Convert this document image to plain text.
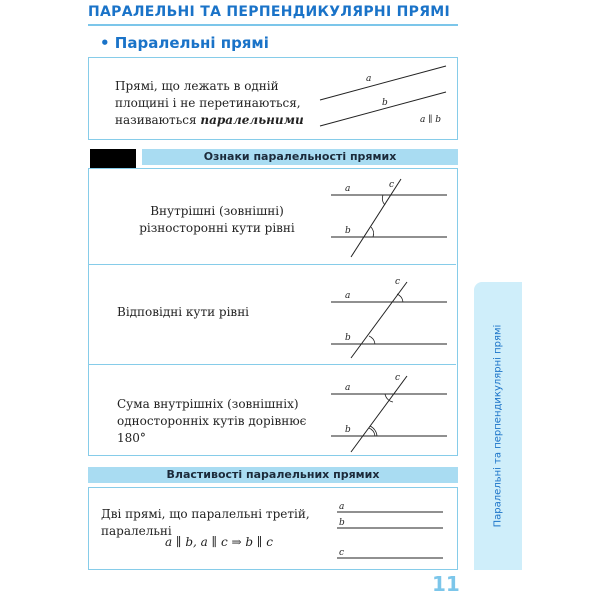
ПАРАЛЕЛЬНІ ТА ПЕРПЕНДИКУЛЯРНІ ПРЯМІ
• Паралельні прямі
Прямі, що лежать в одній площині і не перетинаються, називаються паралельними
a
b
a ∥ b
Ознаки паралельності прямих
Внутрішні (зовнішні) різносторонні кути рівні
a
b
c
Відповідні кути рівні
a
b
c
Сума внутрішніх (зовнішніх) односторонніх кутів дорівнює 180°
a
b
c
Властивості паралельних прямих
Дві прямі, що паралельні третій, паралельні
a ∥ b, a ∥ c ⇒ b ∥ c
a
b
c
Паралельні та перпендикулярні прямі
11
